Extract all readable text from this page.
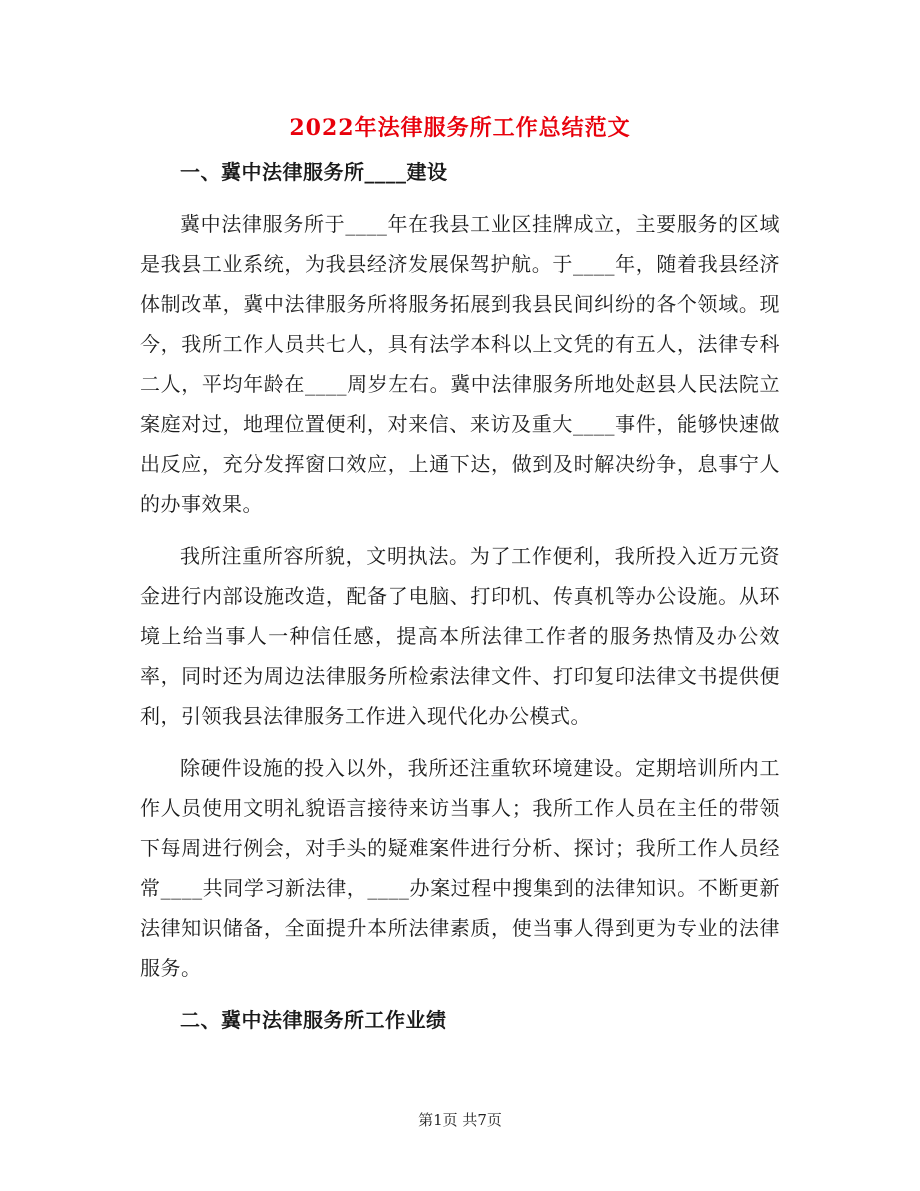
2022年法律服务所工作总结范文
一、冀中法律服务所____建设

冀中法律服务所于____年在我县工业区挂牌成立，主要服务的区域是我县工业系统，为我县经济发展保驾护航。于____年，随着我县经济体制改革，冀中法律服务所将服务拓展到我县民间纠纷的各个领域。现今，我所工作人员共七人，具有法学本科以上文凭的有五人，法律专科二人，平均年龄在____周岁左右。冀中法律服务所地处赵县人民法院立案庭对过，地理位置便利，对来信、来访及重大____事件，能够快速做出反应，充分发挥窗口效应，上通下达，做到及时解决纷争，息事宁人的办事效果。

我所注重所容所貌，文明执法。为了工作便利，我所投入近万元资金进行内部设施改造，配备了电脑、打印机、传真机等办公设施。从环境上给当事人一种信任感，提高本所法律工作者的服务热情及办公效率，同时还为周边法律服务所检索法律文件、打印复印法律文书提供便利，引领我县法律服务工作进入现代化办公模式。

除硬件设施的投入以外，我所还注重软环境建设。定期培训所内工作人员使用文明礼貌语言接待来访当事人；我所工作人员在主任的带领下每周进行例会，对手头的疑难案件进行分析、探讨；我所工作人员经常____共同学习新法律，____办案过程中搜集到的法律知识。不断更新法律知识储备，全面提升本所法律素质，使当事人得到更为专业的法律服务。

二、冀中法律服务所工作业绩
第1页 共7页
